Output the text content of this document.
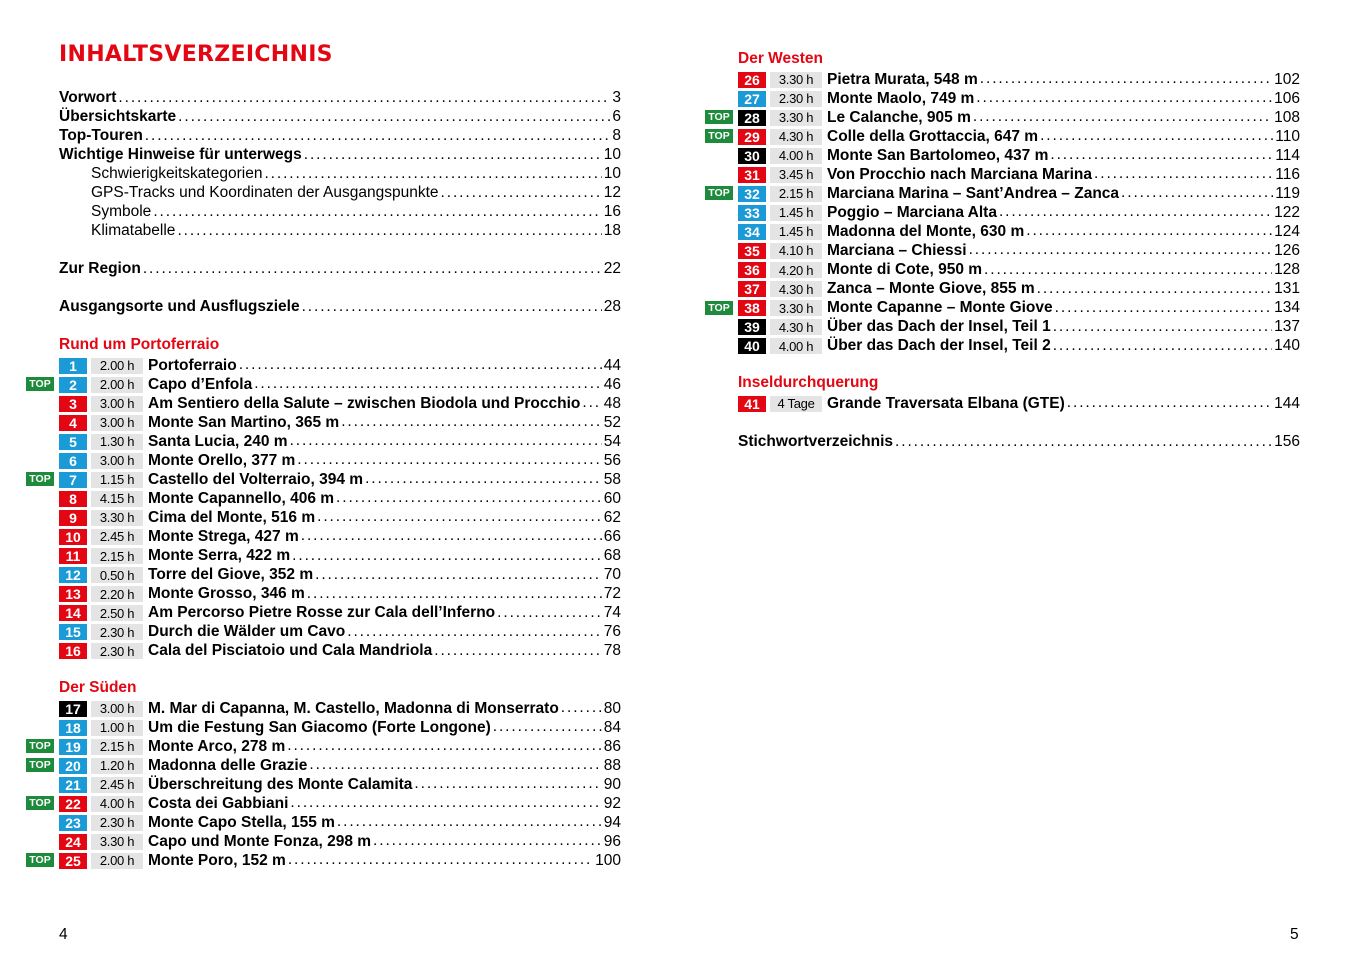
INHALTSVERZEICHNIS
Vorwort . . .	3
Übersichtskarte . . .	6
Top-Touren . . .	8
Wichtige Hinweise für unterwegs . . .	10
Schwierigkeitskategorien . . .	10
GPS-Tracks und Koordinaten der Ausgangspunkte . . .	12
Symbole . . .	16
Klimatabelle . . .	18
Zur Region . . .	22
Ausgangsorte und Ausflugsziele . . .	28
Rund um Portoferraio
1	2.00 h Portoferraio . . .	44
TOP	2	2.00 h Capo d’Enfola . . .	46
3	3.00 h Am Sentiero della Salute – zwischen Biodola und Procchio . . . 48
4	3.00 h Monte San Martino, 365 m . . .	52
5	1.30 h Santa Lucia, 240 m . . .	54
6	3.00 h Monte Orello, 377 m . . .	56
TOP	7	1.15 h Castello del Volterraio, 394 m . . .	58
8	4.15 h Monte Capannello, 406 m . . .	60
9	3.30 h Cima del Monte, 516 m . . .	62
10	2.45 h Monte Strega, 427 m . . .	66
11	2.15 h Monte Serra, 422 m . . .	68
12	0.50 h Torre del Giove, 352 m . . .	70
13	2.20 h Monte Grosso, 346 m . . .	72
14	2.50 h Am Percorso Pietre Rosse zur Cala dell’Inferno . . .	74
15	2.30 h Durch die Wälder um Cavo . . .	76
16	2.30 h Cala del Pisciatoio und Cala Mandriola . . .	78
Der Süden
17	3.00 h M. Mar di Capanna, M. Castello, Madonna di Monserrato . . .	80
18	1.00 h Um die Festung San Giacomo (Forte Longone) . . .	84
TOP	19	2.15 h Monte Arco, 278 m . . .	86
TOP	20	1.20 h Madonna delle Grazie . . .	88
21	2.45 h Überschreitung des Monte Calamita . . .	90
TOP	22	4.00 h Costa dei Gabbiani . . .	92
23	2.30 h Monte Capo Stella, 155 m . . .	94
24	3.30 h Capo und Monte Fonza, 298 m . . .	96
TOP	25	2.00 h Monte Poro, 152 m . . .	100
Der Westen
26	3.30 h Pietra Murata, 548 m . . .	102
27	2.30 h Monte Maolo, 749 m . . .	106
TOP	28	3.30 h Le Calanche, 905 m . . .	108
TOP	29	4.30 h Colle della Grottaccia, 647 m . . .	110
30	4.00 h Monte San Bartolomeo, 437 m . . .	114
31	3.45 h Von Procchio nach Marciana Marina . . .	116
TOP	32	2.15 h Marciana Marina – Sant’Andrea – Zanca . . .	119
33	1.45 h Poggio – Marciana Alta . . .	122
34	1.45 h Madonna del Monte, 630 m . . .	124
35	4.10 h Marciana – Chiessi . . .	126
36	4.20 h Monte di Cote, 950 m . . .	128
37	4.30 h Zanca – Monte Giove, 855 m . . .	131
TOP	38	3.30 h Monte Capanne – Monte Giove . . .	134
39	4.30 h Über das Dach der Insel, Teil 1 . . .	137
40	4.00 h Über das Dach der Insel, Teil 2 . . .	140
Inseldurchquerung
41	4 Tage Grande Traversata Elbana (GTE) . . .	144
Stichwortverzeichnis . . .	156
4	5
